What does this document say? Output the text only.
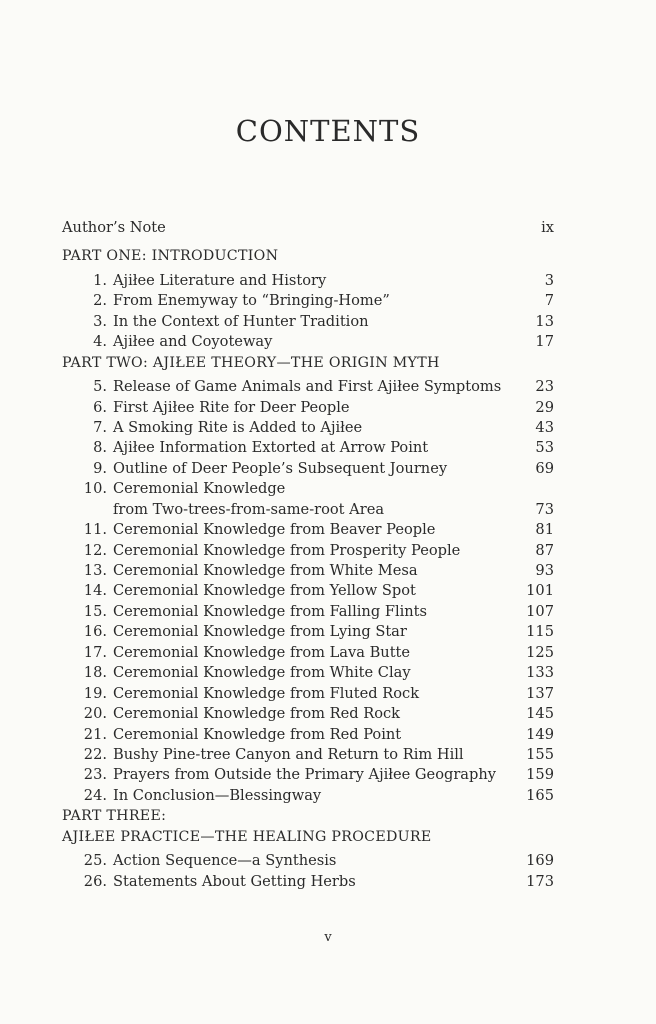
CONTENTS
Author’s Note	ix
PART ONE: INTRODUCTION
1. Ajiłee Literature and History	3
2. From Enemyway to “Bringing-Home”	7
3. In the Context of Hunter Tradition	13
4. Ajiłee and Coyoteway	17
PART TWO: AJIŁEE THEORY—THE ORIGIN MYTH
5. Release of Game Animals and First Ajiłee Symptoms 23
6. First Ajiłee Rite for Deer People	29
7. A Smoking Rite is Added to Ajiłee	43
8. Ajiłee Information Extorted at Arrow Point	53
9. Outline of Deer People’s Subsequent Journey	69
10. Ceremonial Knowledge
from Two-trees-from-same-root Area	73
11. Ceremonial Knowledge from Beaver People	81
12. Ceremonial Knowledge from Prosperity People	87
13. Ceremonial Knowledge from White Mesa	93
14. Ceremonial Knowledge from Yellow Spot	101
15. Ceremonial Knowledge from Falling Flints	107
16. Ceremonial Knowledge from Lying Star	115
17. Ceremonial Knowledge from Lava Butte	125
18. Ceremonial Knowledge from White Clay	133
19. Ceremonial Knowledge from Fluted Rock	137
20. Ceremonial Knowledge from Red Rock	145
21. Ceremonial Knowledge from Red Point	149
22. Bushy Pine-tree Canyon and Return to Rim Hill	155
23. Prayers from Outside the Primary Ajiłee Geography 159
24. In Conclusion—Blessingway	165
PART THREE:
AJIŁEE PRACTICE—THE HEALING PROCEDURE
25. Action Sequence—a Synthesis	169
26. Statements About Getting Herbs	173
v
